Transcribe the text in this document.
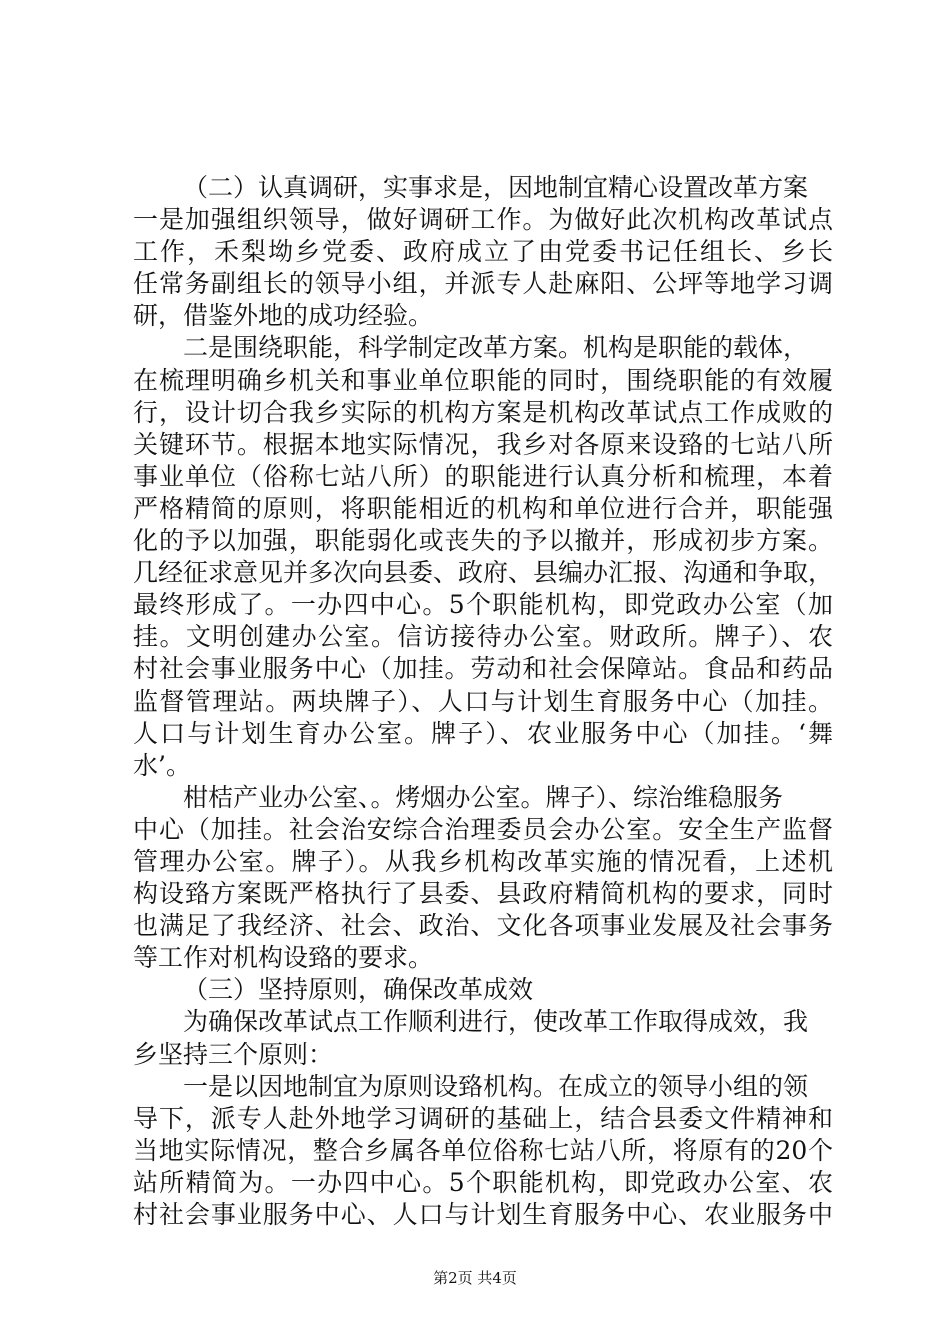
（二）认真调研，实事求是，因地制宜精心设置改革方案
一是加强组织领导，做好调研工作。为做好此次机构改革试点
工作，禾梨坳乡党委、政府成立了由党委书记任组长、乡长
任常务副组长的领导小组，并派专人赴麻阳、公坪等地学习调
研，借鉴外地的成功经验。
二是围绕职能，科学制定改革方案。机构是职能的载体，
在梳理明确乡机关和事业单位职能的同时，围绕职能的有效履
行，设计切合我乡实际的机构方案是机构改革试点工作成败的
关键环节。根据本地实际情况，我乡对各原来设臵的七站八所
事业单位（俗称七站八所）的职能进行认真分析和梳理，本着
严格精简的原则，将职能相近的机构和单位进行合并，职能强
化的予以加强，职能弱化或丧失的予以撤并，形成初步方案。
几经征求意见并多次向县委、政府、县编办汇报、沟通和争取，
最终形成了。一办四中心。5个职能机构，即党政办公室（加
挂。文明创建办公室。信访接待办公室。财政所。牌子）、农
村社会事业服务中心（加挂。劳动和社会保障站。食品和药品
监督管理站。两块牌子）、人口与计划生育服务中心（加挂。
人口与计划生育办公室。牌子）、农业服务中心（加挂。‘舞
水’。
柑桔产业办公室、。烤烟办公室。牌子）、综治维稳服务
中心（加挂。社会治安综合治理委员会办公室。安全生产监督
管理办公室。牌子）。从我乡机构改革实施的情况看，上述机
构设臵方案既严格执行了县委、县政府精简机构的要求，同时
也满足了我经济、社会、政治、文化各项事业发展及社会事务
等工作对机构设臵的要求。
（三）坚持原则，确保改革成效
为确保改革试点工作顺利进行，使改革工作取得成效，我
乡坚持三个原则：
一是以因地制宜为原则设臵机构。在成立的领导小组的领
导下，派专人赴外地学习调研的基础上，结合县委文件精神和
当地实际情况，整合乡属各单位俗称七站八所，将原有的20个
站所精简为。一办四中心。5个职能机构，即党政办公室、农
村社会事业服务中心、人口与计划生育服务中心、农业服务中
第2页 共4页
